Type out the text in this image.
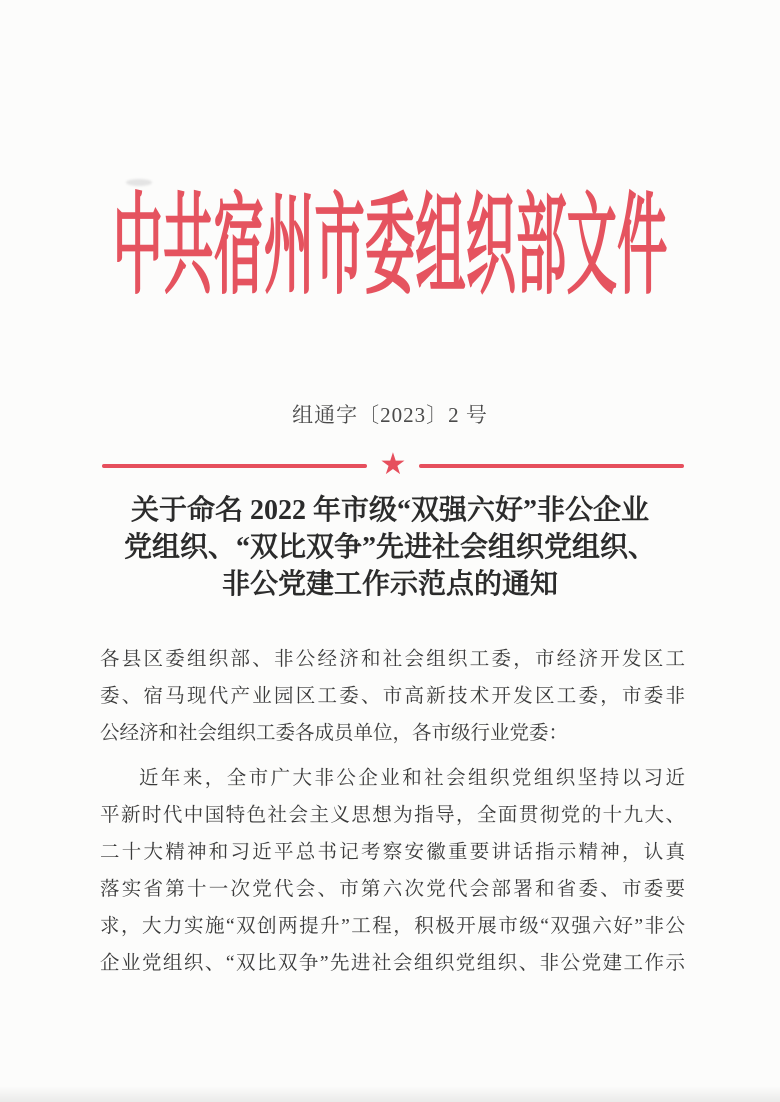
中共宿州市委组织部文件
组通字〔2023〕2 号
★
关于命名 2022 年市级“双强六好”非公企业
党组织、“双比双争”先进社会组织党组织、
非公党建工作示范点的通知

各县区委组织部、非公经济和社会组织工委，市经济开发区工
委、宿马现代产业园区工委、市高新技术开发区工委，市委非
公经济和社会组织工委各成员单位，各市级行业党委：

近年来，全市广大非公企业和社会组织党组织坚持以习近
平新时代中国特色社会主义思想为指导，全面贯彻党的十九大、
二十大精神和习近平总书记考察安徽重要讲话指示精神，认真
落实省第十一次党代会、市第六次党代会部署和省委、市委要
求，大力实施“双创两提升”工程，积极开展市级“双强六好”非公
企业党组织、“双比双争”先进社会组织党组织、非公党建工作示
